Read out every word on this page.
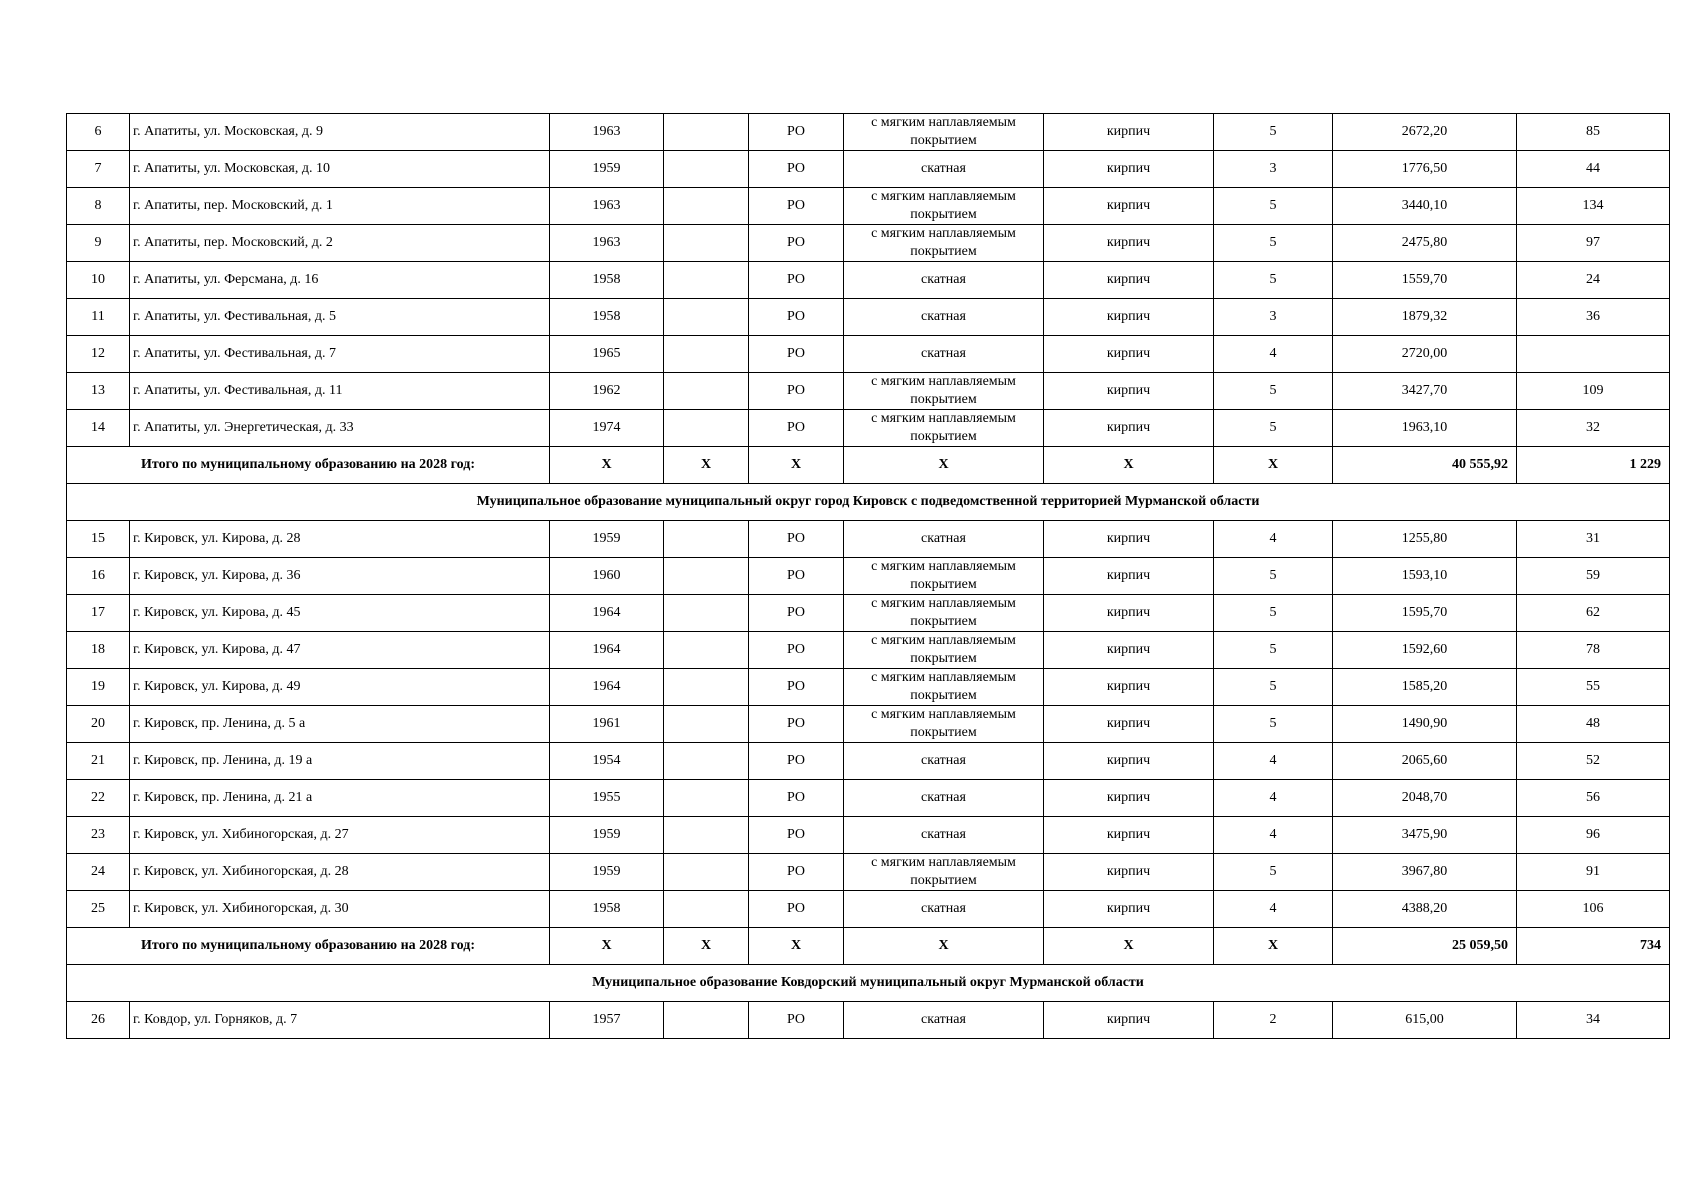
6	г. Апатиты, ул. Московская, д. 9	1963		РО	с мягким наплавляемым покрытием	кирпич	5	2672,20	85
7	г. Апатиты, ул. Московская, д. 10	1959		РО	скатная	кирпич	3	1776,50	44
8	г. Апатиты, пер. Московский, д. 1	1963		РО	с мягким наплавляемым покрытием	кирпич	5	3440,10	134
9	г. Апатиты, пер. Московский, д. 2	1963		РО	с мягким наплавляемым покрытием	кирпич	5	2475,80	97
10	г. Апатиты, ул. Ферсмана, д. 16	1958		РО	скатная	кирпич	5	1559,70	24
11	г. Апатиты, ул. Фестивальная, д. 5	1958		РО	скатная	кирпич	3	1879,32	36
12	г. Апатиты, ул. Фестивальная, д. 7	1965		РО	скатная	кирпич	4	2720,00	
13	г. Апатиты, ул. Фестивальная, д. 11	1962		РО	с мягким наплавляемым покрытием	кирпич	5	3427,70	109
14	г. Апатиты, ул. Энергетическая, д. 33	1974		РО	с мягким наплавляемым покрытием	кирпич	5	1963,10	32
Итого по муниципальному образованию на 2028 год:		X	X	X	X	X	X	40 555,92	1 229
Муниципальное образование муниципальный округ город Кировск с подведомственной территорией Мурманской области									
15	г. Кировск, ул. Кирова, д. 28	1959		РО	скатная	кирпич	4	1255,80	31
16	г. Кировск, ул. Кирова, д. 36	1960		РО	с мягким наплавляемым покрытием	кирпич	5	1593,10	59
17	г. Кировск, ул. Кирова, д. 45	1964		РО	с мягким наплавляемым покрытием	кирпич	5	1595,70	62
18	г. Кировск, ул. Кирова, д. 47	1964		РО	с мягким наплавляемым покрытием	кирпич	5	1592,60	78
19	г. Кировск, ул. Кирова, д. 49	1964		РО	с мягким наплавляемым покрытием	кирпич	5	1585,20	55
20	г. Кировск, пр. Ленина, д. 5 а	1961		РО	с мягким наплавляемым покрытием	кирпич	5	1490,90	48
21	г. Кировск, пр. Ленина, д. 19 а	1954		РО	скатная	кирпич	4	2065,60	52
22	г. Кировск, пр. Ленина, д. 21 а	1955		РО	скатная	кирпич	4	2048,70	56
23	г. Кировск, ул. Хибиногорская, д. 27	1959		РО	скатная	кирпич	4	3475,90	96
24	г. Кировск, ул. Хибиногорская, д. 28	1959		РО	с мягким наплавляемым покрытием	кирпич	5	3967,80	91
25	г. Кировск, ул. Хибиногорская, д. 30	1958		РО	скатная	кирпич	4	4388,20	106
Итого по муниципальному образованию на 2028 год:		X	X	X	X	X	X	25 059,50	734
Муниципальное образование Ковдорский муниципальный округ Мурманской области									
26	г. Ковдор, ул. Горняков, д. 7	1957		РО	скатная	кирпич	2	615,00	34
